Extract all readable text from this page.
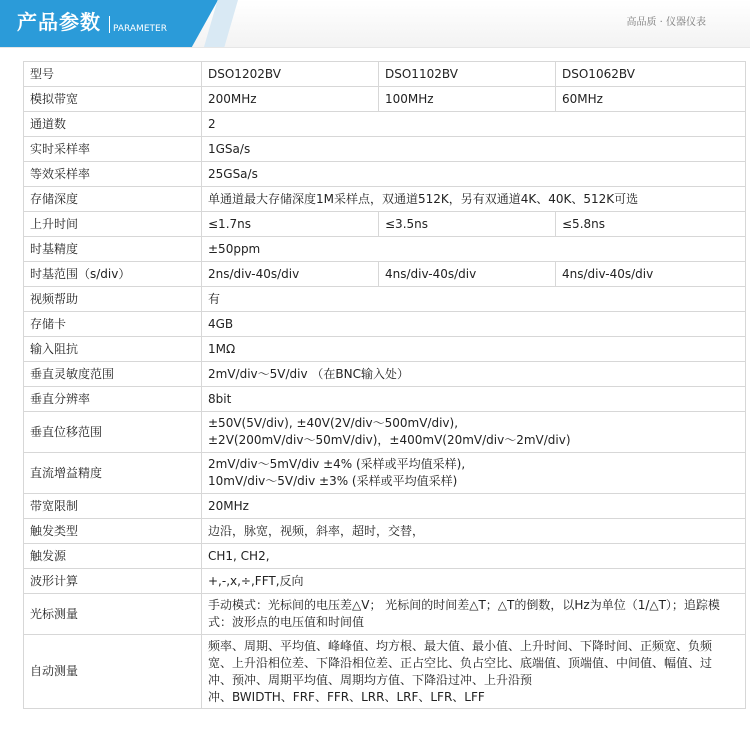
产品参数 PARAMETER
高品质 · 仪器仪表
型号	DSO1202BV	DSO1102BV	DSO1062BV
模拟带宽	200MHz	100MHz	60MHz
通道数	2		
实时采样率	1GSa/s		
等效采样率	25GSa/s		
存储深度	单通道最大存储深度1M采样点，双通道512K，另有双通道4K、40K、512K可选		
上升时间	≤1.7ns	≤3.5ns	≤5.8ns
时基精度	±50ppm		
时基范围（s/div）	2ns/div-40s/div	4ns/div-40s/div	4ns/div-40s/div
视频帮助	有		
存储卡	4GB		
输入阻抗	1MΩ		
垂直灵敏度范围	2mV/div～5V/div （在BNC输入处）		
垂直分辨率	8bit		
垂直位移范围	±50V(5V/div), ±40V(2V/div～500mV/div),
±2V(200mV/div～50mV/div)，±400mV(20mV/div～2mV/div)		

直流增益精度	2mV/div～5mV/div ±4% (采样或平均值采样),
10mV/div～5V/div ±3% (采样或平均值采样)		

带宽限制	20MHz		
触发类型	边沿，脉宽，视频，斜率，超时，交替，		
触发源	CH1, CH2,		
波形计算	+,-,x,÷,FFT,反向		
光标测量	手动模式：光标间的电压差△V； 光标间的时间差△T；△T的倒数，以Hz为单位（1/△T）；追踪模
式：波形点的电压值和时间值		

自动测量	频率、周期、平均值、峰峰值、均方根、最大值、最小值、上升时间、下降时间、正频宽、负频
宽、上升沿相位差、下降沿相位差、正占空比、负占空比、底端值、顶端值、中间值、幅值、过
冲、预冲、周期平均值、周期均方值、下降沿过冲、上升沿预
冲、BWIDTH、FRF、FFR、LRR、LRF、LFR、LFF		
